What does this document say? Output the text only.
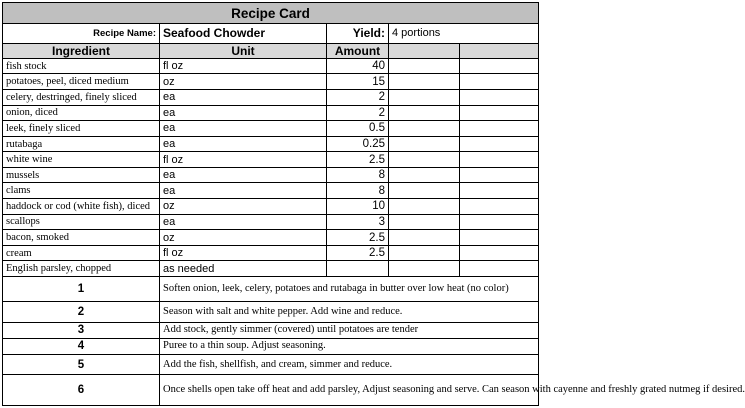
Recipe Card				
Recipe Name:	Seafood Chowder	Yield:	4 portions	
Ingredient	Unit	Amount		
fish stock	fl oz	40		
potatoes, peel, diced medium	oz	15		
celery, destringed, finely sliced	ea	2		
onion, diced	ea	2		
leek, finely sliced	ea	0.5		
rutabaga	ea	0.25		
white wine	fl oz	2.5		
mussels	ea	8		
clams	ea	8		
haddock or cod (white fish), diced	oz	10		
scallops	ea	3		
bacon, smoked	oz	2.5		
cream	fl oz	2.5		
English parsley, chopped	as needed			
1	Soften onion, leek, celery, potatoes and rutabaga in butter over low heat (no color)			
2	Season with salt and white pepper. Add wine and reduce.			
3	Add stock, gently simmer (covered) until potatoes are tender			
4	Puree to a thin soup. Adjust seasoning.			
5	Add the fish, shellfish, and cream, simmer and reduce.			
6	Once shells open take off heat and add parsley, Adjust seasoning and serve. Can season with cayenne and freshly grated nutmeg if desired.			
